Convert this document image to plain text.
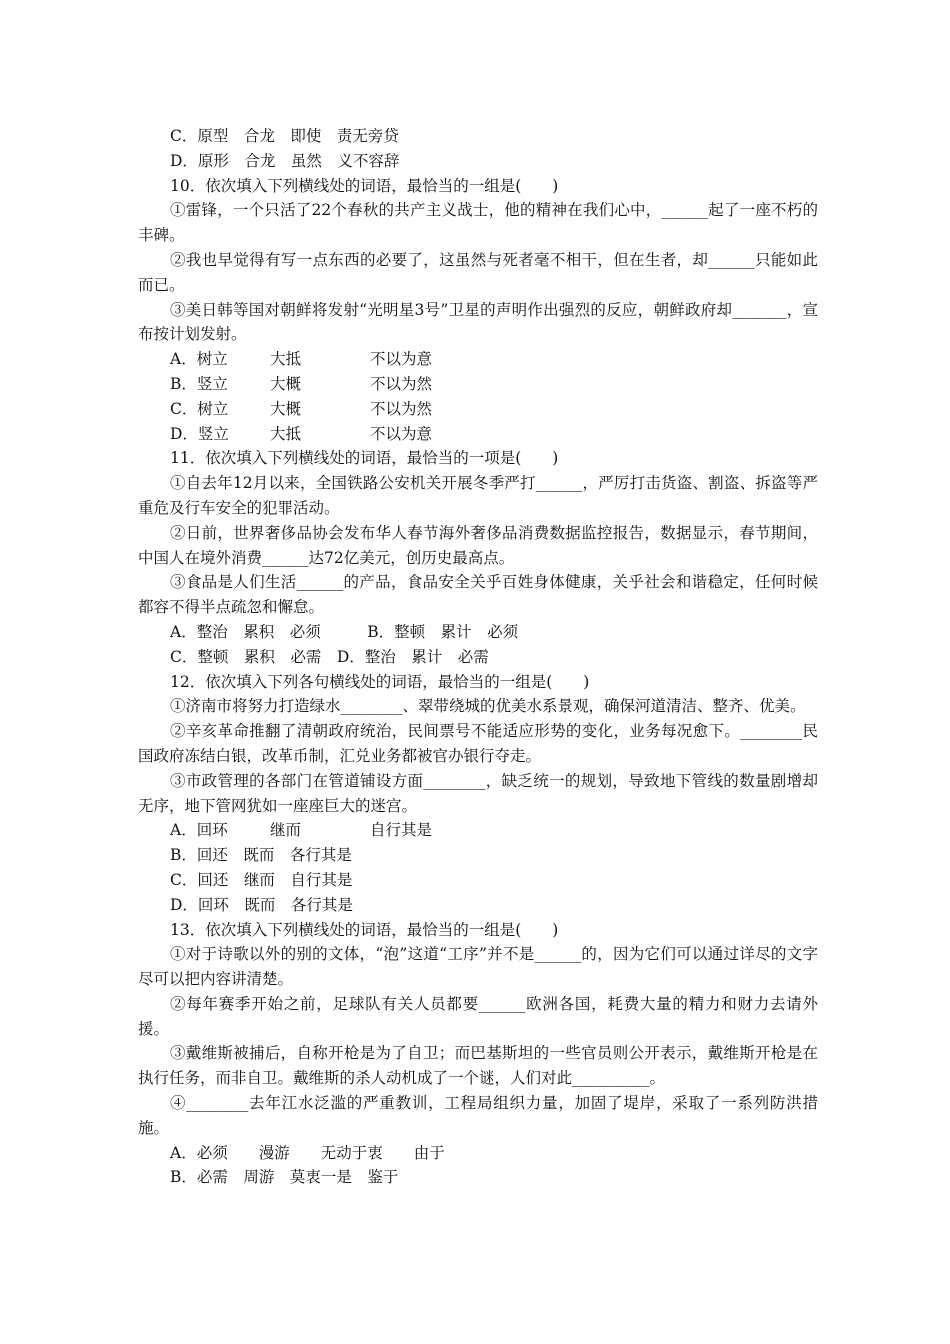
C．原型　合龙　即使　责无旁贷
D．原形　合龙　虽然　义不容辞
10．依次填入下列横线处的词语，最恰当的一组是(　　)

①雷锋，一个只活了22个春秋的共产主义战士，他的精神在我们心中，______起了一座不朽的丰碑。

②我也早觉得有写一点东西的必要了，这虽然与死者毫不相干，但在生者，却______只能如此而已。

③美日韩等国对朝鲜将发射“光明星3号”卫星的声明作出强烈的反应，朝鲜政府却_______，宣布按计划发射。

A．树立	大抵	不以为意
B．竖立	大概	不以为然
C．树立	大概	不以为然
D．竖立	大抵	不以为意
11．依次填入下列横线处的词语，最恰当的一项是(　　)

①自去年12月以来，全国铁路公安机关开展冬季严打______，严厉打击货盗、割盗、拆盗等严重危及行车安全的犯罪活动。

②日前，世界奢侈品协会发布华人春节海外奢侈品消费数据监控报告，数据显示，春节期间，中国人在境外消费______达72亿美元，创历史最高点。

③食品是人们生活______的产品，食品安全关乎百姓身体健康，关乎社会和谐稳定，任何时候都容不得半点疏忽和懈怠。

A．整治　累积　必须　　　B．整顿　累计　必须
C．整顿　累积　必需　D．整治　累计　必需
12．依次填入下列各句横线处的词语，最恰当的一组是(　　)

①济南市将努力打造绿水________、翠带绕城的优美水系景观，确保河道清洁、整齐、优美。

②辛亥革命推翻了清朝政府统治，民间票号不能适应形势的变化，业务每况愈下。________民国政府冻结白银，改革币制，汇兑业务都被官办银行夺走。

③市政管理的各部门在管道铺设方面________，缺乏统一的规划，导致地下管线的数量剧增却无序，地下管网犹如一座座巨大的迷宫。

A．回环	继而	自行其是
B．回还　既而　各行其是
C．回还　继而　自行其是
D．回环　既而　各行其是
13．依次填入下列横线处的词语，最恰当的一组是(　　)

①对于诗歌以外的别的文体，“泡”这道“工序”并不是______的，因为它们可以通过详尽的文字尽可以把内容讲清楚。

②每年赛季开始之前，足球队有关人员都要______欧洲各国，耗费大量的精力和财力去请外援。

③戴维斯被捕后，自称开枪是为了自卫；而巴基斯坦的一些官员则公开表示，戴维斯开枪是在执行任务，而非自卫。戴维斯的杀人动机成了一个谜，人们对此__________。

④________去年江水泛滥的严重教训，工程局组织力量，加固了堤岸，采取了一系列防洪措施。

A．必须　　漫游　　无动于衷　　由于
B．必需　周游　莫衷一是　鉴于
